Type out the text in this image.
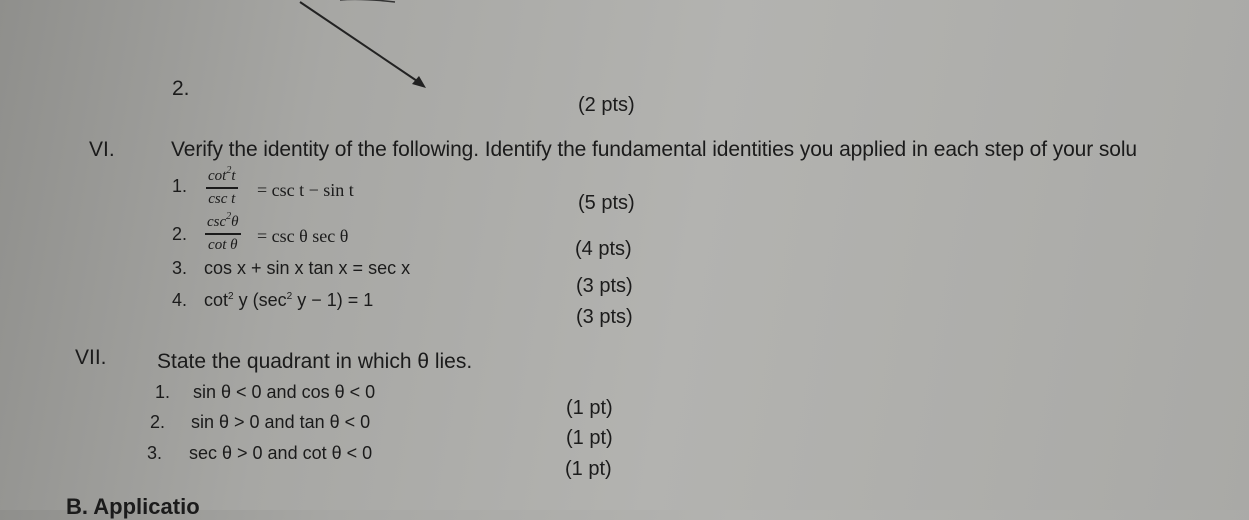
2.
(2 pts)
VI.	Verify the identity of the following. Identify the fundamental identities you applied in each step of your solu
1. $\cot^2t$
csc t = csc t − sin t
(5 pts)
2.
$\csc^2\theta$
cot θ = csc θ sec θ
(4 pts)
3. cos x + sin x tan x = sec x
(3 pts)
4. $\cot^2 y$ ($\sec^2$ y − 1) = 1
(3 pts)
VII. State the quadrant in which θ lies.
1. sin θ < 0 and cos θ < 0
(1 pt)
2. sin θ > 0 and tan θ < 0
(1 pt)
3. sec θ > 0 and cot θ < 0
(1 pt)
B. Applicatio
